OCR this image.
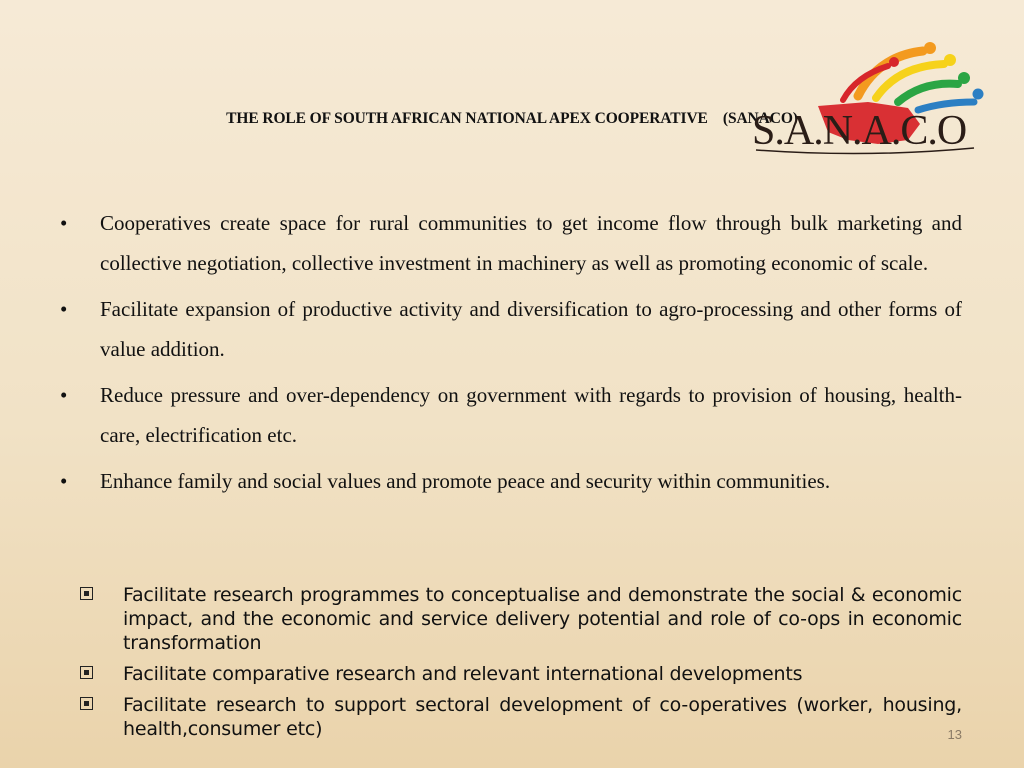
THE ROLE OF SOUTH AFRICAN NATIONAL APEX COOPERATIVE    (SANACO)
S.A.N.A.C.O
• Cooperatives create space for rural communities to get income flow through bulk marketing and collective negotiation, collective investment in machinery as well as promoting economic of scale.
• Facilitate expansion of productive activity and diversification to agro-processing and other forms of value addition.
• Reduce pressure and over-dependency on government with regards to provision of housing, health-care, electrification etc.
• Enhance family and social values and promote peace and security within communities.
Facilitate research programmes to conceptualise and demonstrate the social & economic impact, and the economic and service delivery potential and role of co-ops in economic transformation
Facilitate comparative research and relevant international developments
Facilitate research to support sectoral development of co-operatives (worker, housing, health,consumer etc)	13
